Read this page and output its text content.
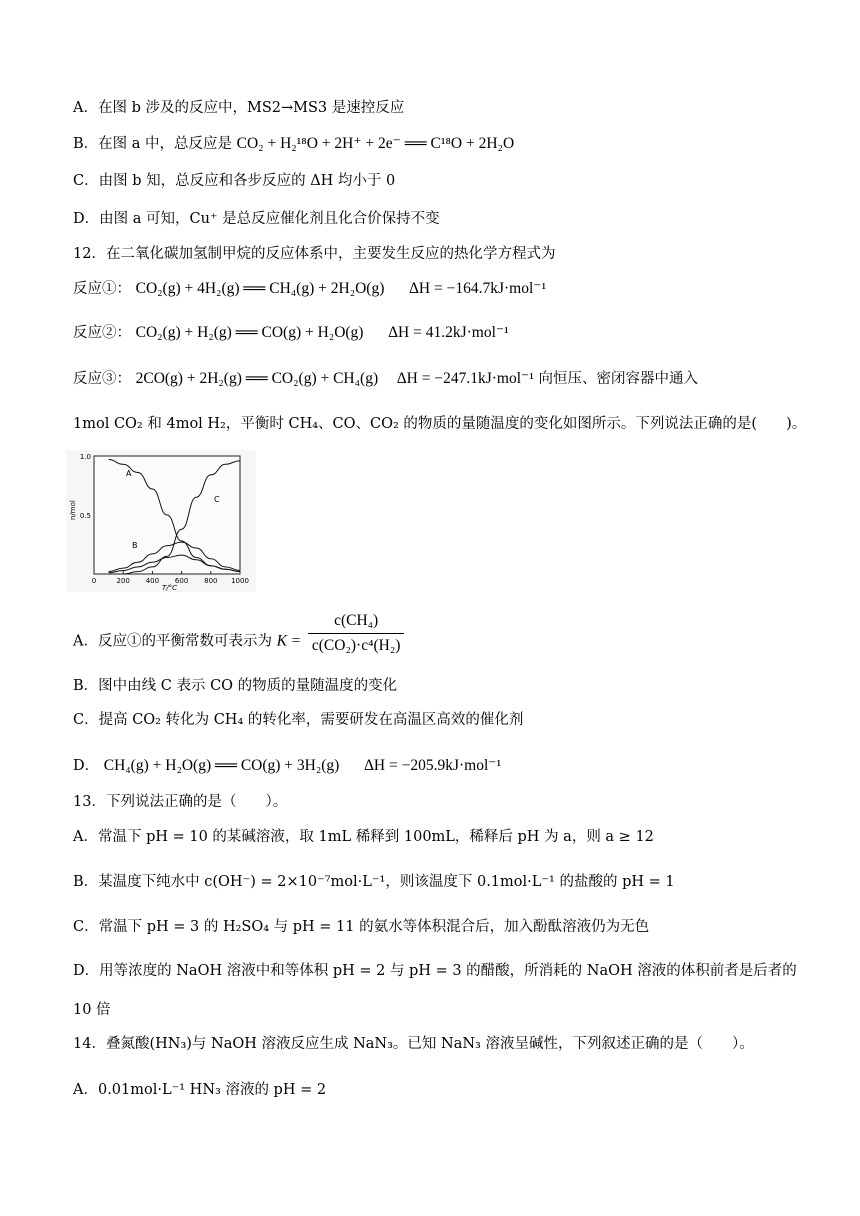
A．在图 b 涉及的反应中，MS2→MS3 是速控反应
B．在图 a 中，总反应是 CO₂ + H₂¹⁸O + 2H⁺ + 2e⁻ ══ C¹⁸O + 2H₂O
C．由图 b 知，总反应和各步反应的 ΔH 均小于 0
D．由图 a 可知，Cu⁺ 是总反应催化剂且化合价保持不变
12．在二氧化碳加氢制甲烷的反应体系中，主要发生反应的热化学方程式为
反应①： CO₂(g) + 4H₂(g) ══ CH₄(g) + 2H₂O(g) ΔH = −164.7kJ·mol⁻¹
反应②： CO₂(g) + H₂(g) ══ CO(g) + H₂O(g) ΔH = 41.2kJ·mol⁻¹
反应③： 2CO(g) + 2H₂(g) ══ CO₂(g) + CH₄(g) ΔH = −247.1kJ·mol⁻¹ 向恒压、密闭容器中通入
1mol CO₂ 和 4mol H₂，平衡时 CH₄、CO、CO₂ 的物质的量随温度的变化如图所示。下列说法正确的是(　　)。
0	200 400 600 800 1000
1.0
0.5
A
C
B
n/mol
T/°C
A．反应①的平衡常数可表示为 $K = \frac{\text{c(CH₄)}}{\text{c(CO₂)·c⁴(H₂)}}$
B．图中由线 C 表示 CO 的物质的量随温度的变化
C．提高 CO₂ 转化为 CH₄ 的转化率，需要研发在高温区高效的催化剂
D． CH₄(g) + H₂O(g) ══ CO(g) + 3H₂(g) ΔH = −205.9kJ·mol⁻¹
13．下列说法正确的是（　　）。
A．常温下 pH = 10 的某碱溶液，取 1mL 稀释到 100mL，稀释后 pH 为 a，则 a ≥ 12
B．某温度下纯水中 c(OH⁻) = 2×10⁻⁷mol·L⁻¹，则该温度下 0.1mol·L⁻¹ 的盐酸的 pH = 1
C．常温下 pH = 3 的 H₂SO₄ 与 pH = 11 的氨水等体积混合后，加入酚酞溶液仍为无色
D．用等浓度的 NaOH 溶液中和等体积 pH = 2 与 pH = 3 的醋酸，所消耗的 NaOH 溶液的体积前者是后者的
10 倍
14．叠氮酸(HN₃)与 NaOH 溶液反应生成 NaN₃。已知 NaN₃ 溶液呈碱性，下列叙述正确的是（　　）。
A．0.01mol·L⁻¹ HN₃ 溶液的 pH = 2
